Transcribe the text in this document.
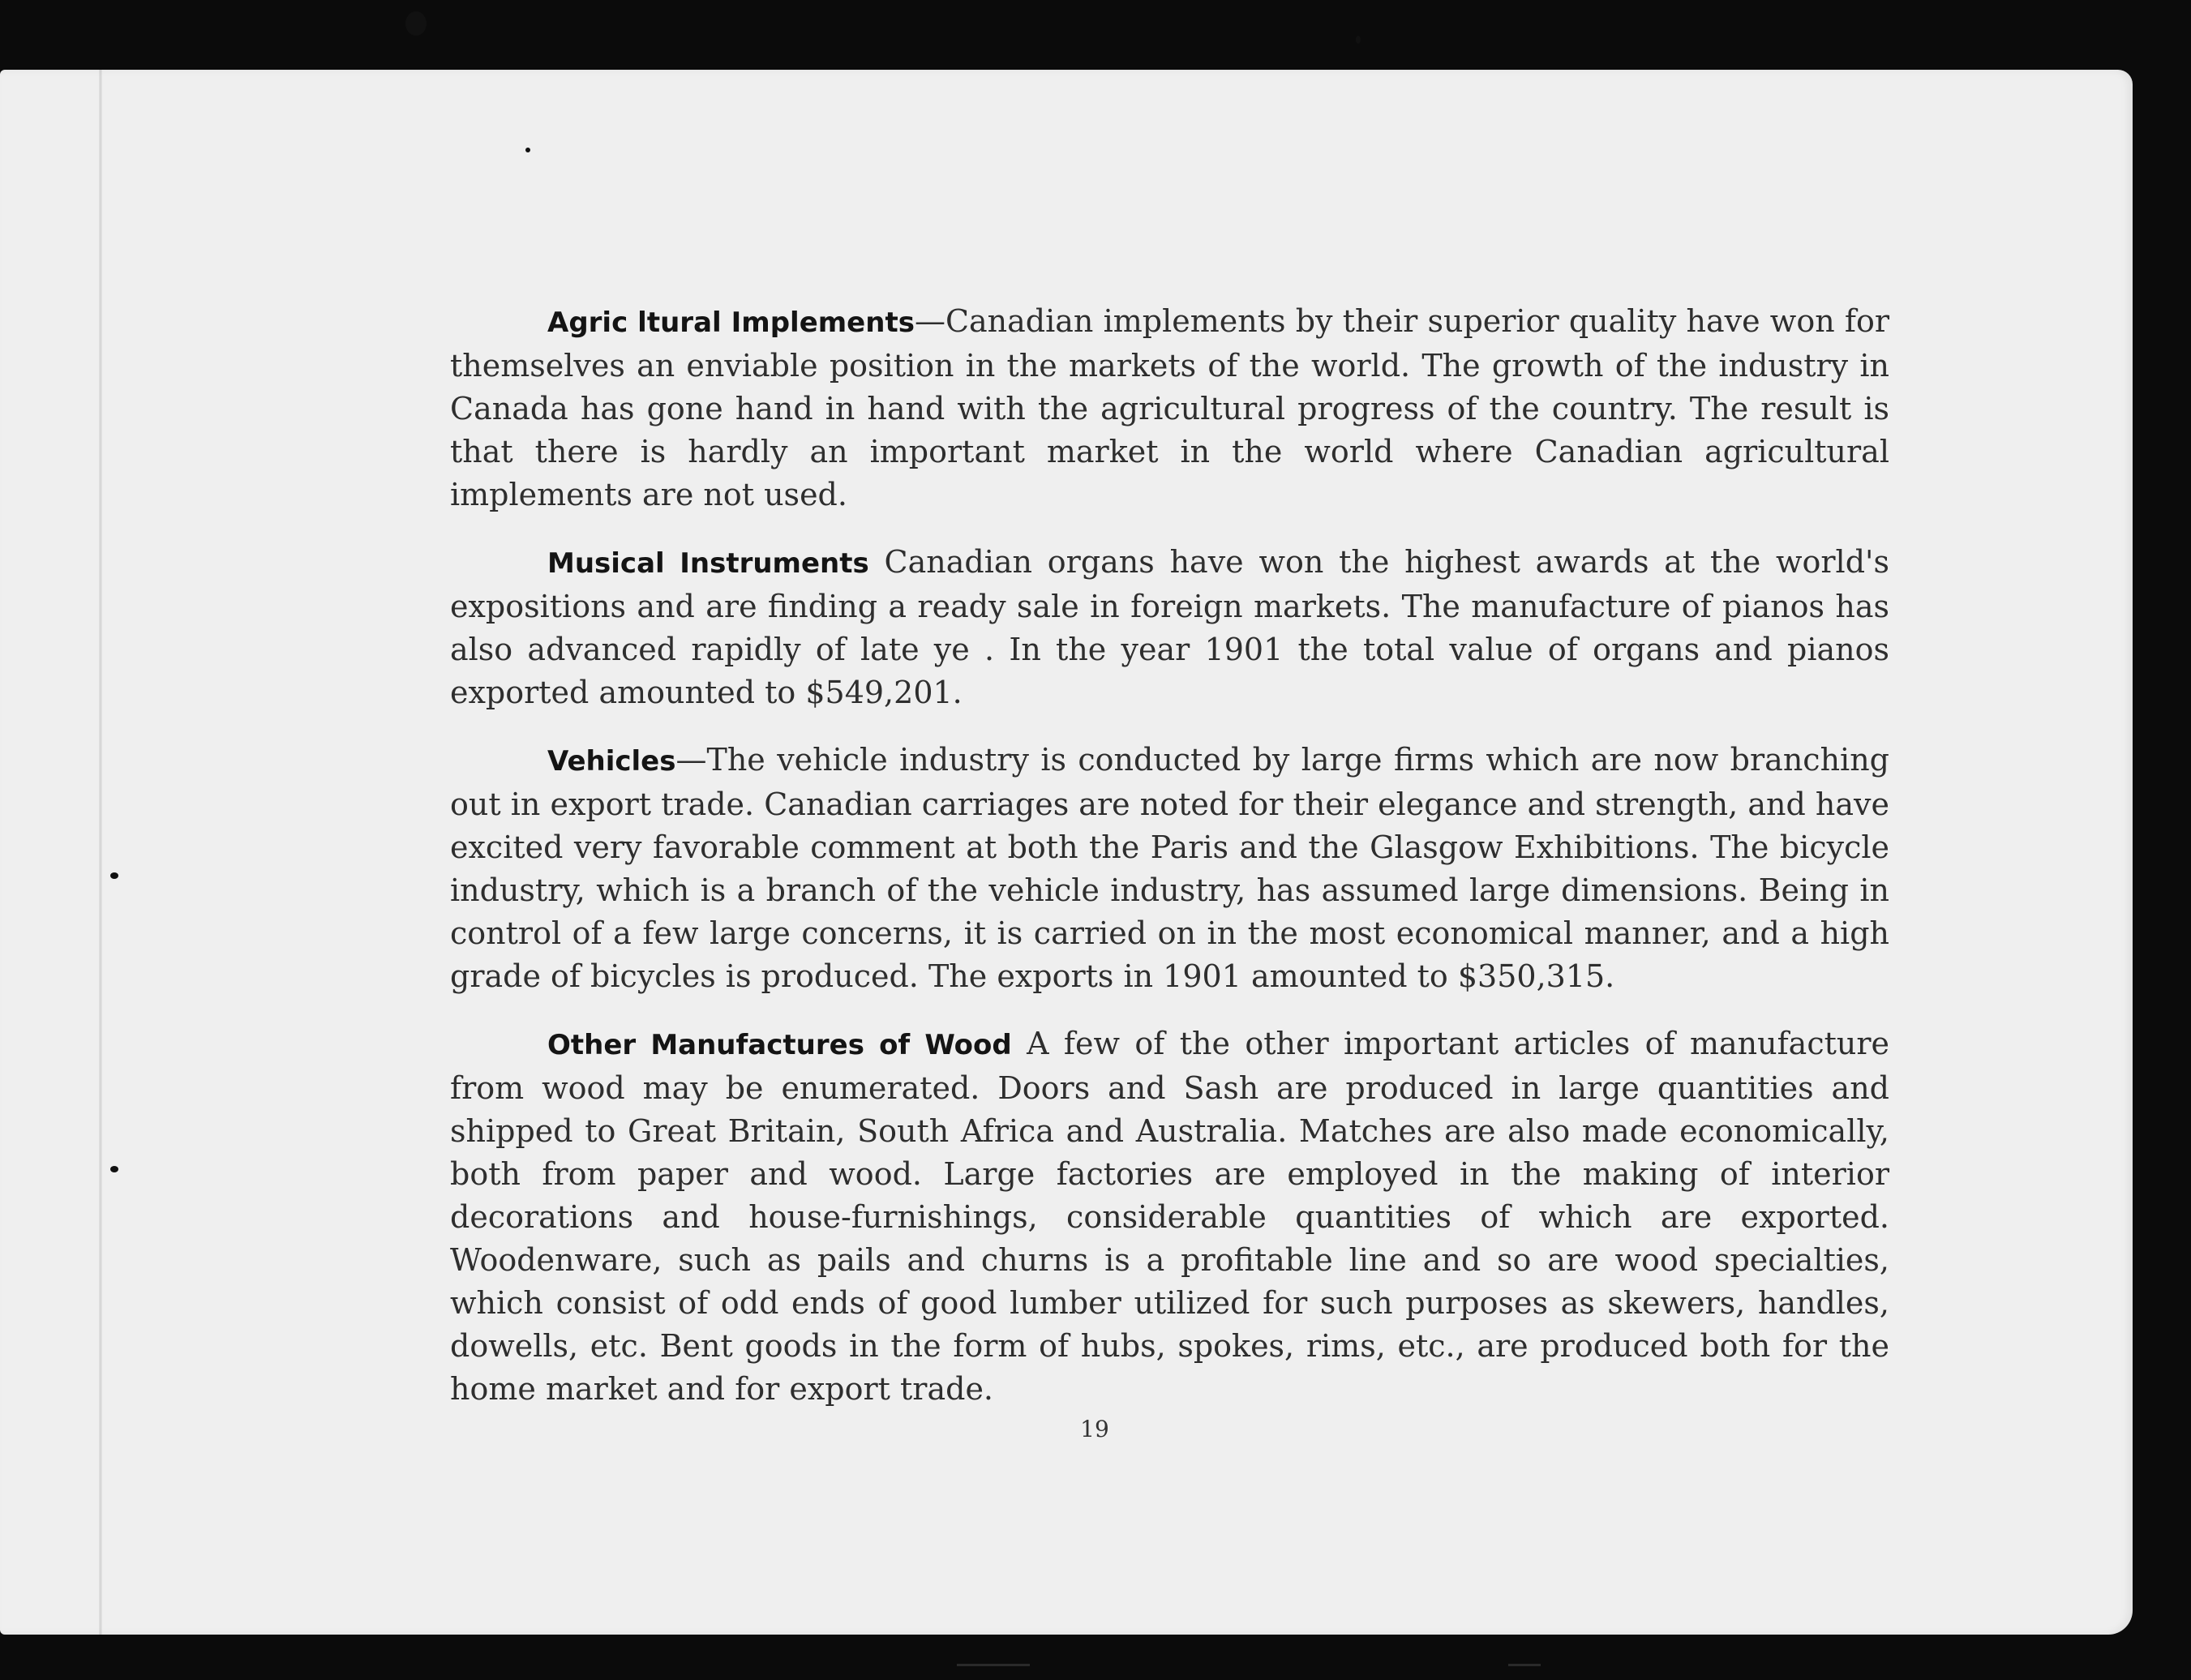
Agric ltural Implements—Canadian implements by their superior quality have won for themselves an enviable position in the markets of the world. The growth of the industry in Canada has gone hand in hand with the agricultural progress of the country. The result is that there is hardly an important market in the world where Canadian agricultural implements are not used.

Musical Instruments Canadian organs have won the highest awards at the world's expositions and are finding a ready sale in foreign markets. The manufacture of pianos has also advanced rapidly of late ye . In the year 1901 the total value of organs and pianos exported amounted to $549,201.

Vehicles—The vehicle industry is conducted by large firms which are now branching out in export trade. Canadian carriages are noted for their elegance and strength, and have excited very favorable comment at both the Paris and the Glasgow Exhibitions. The bicycle industry, which is a branch of the vehicle industry, has assumed large dimensions. Being in control of a few large concerns, it is carried on in the most economical manner, and a high grade of bicycles is produced. The exports in 1901 amounted to $350,315.

Other Manufactures of Wood A few of the other important articles of manufacture from wood may be enumerated. Doors and Sash are produced in large quantities and shipped to Great Britain, South Africa and Australia. Matches are also made economically, both from paper and wood. Large factories are employed in the making of interior decorations and house-furnishings, considerable quantities of which are exported. Woodenware, such as pails and churns is a profitable line and so are wood specialties, which consist of odd ends of good lumber utilized for such purposes as skewers, handles, dowells, etc. Bent goods in the form of hubs, spokes, rims, etc., are produced both for the home market and for export trade.

19
